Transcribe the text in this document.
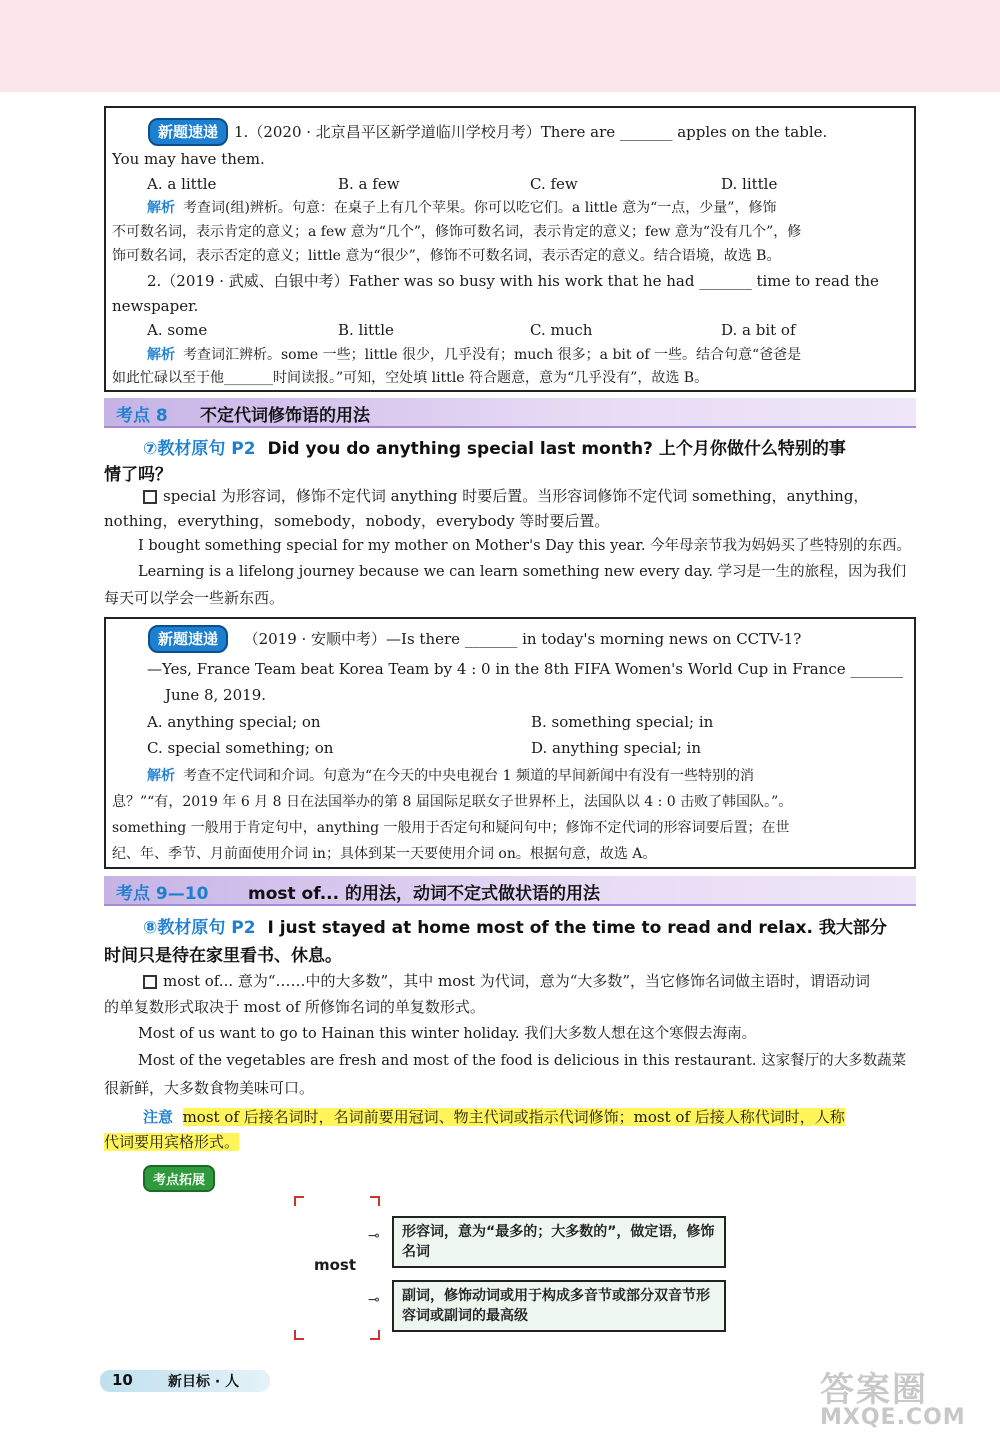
新题速递 1.（2020 · 北京昌平区新学道临川学校月考）There are _______ apples on the table.
You may have them.
A. a little	B. a few	C. few	D. little
解析 考查词(组)辨析。句意：在桌子上有几个苹果。你可以吃它们。a little 意为“一点，少量”，修饰
不可数名词，表示肯定的意义；a few 意为“几个”，修饰可数名词，表示肯定的意义；few 意为“没有几个”，修
饰可数名词，表示否定的意义；little 意为“很少”，修饰不可数名词，表示否定的意义。结合语境，故选 B。
2.（2019 · 武威、白银中考）Father was so busy with his work that he had _______ time to read the
newspaper.
A. some	B. little	C. much	D. a bit of
解析 考查词汇辨析。some 一些；little 很少，几乎没有；much 很多；a bit of 一些。结合句意“爸爸是
如此忙碌以至于他_______时间读报。”可知，空处填 little 符合题意，意为“几乎没有”，故选 B。
考点 8 不定代词修饰语的用法
⑦教材原句 P2 Did you do anything special last month? 上个月你做什么特别的事
情了吗？
special 为形容词，修饰不定代词 anything 时要后置。当形容词修饰不定代词 something，anything，
nothing，everything，somebody，nobody，everybody 等时要后置。
I bought something special for my mother on Mother's Day this year. 今年母亲节我为妈妈买了些特别的东西。
Learning is a lifelong journey because we can learn something new every day. 学习是一生的旅程，因为我们
每天可以学会一些新东西。
新题速递 （2019 · 安顺中考）—Is there _______ in today's morning news on CCTV-1?
—Yes, France Team beat Korea Team by 4 : 0 in the 8th FIFA Women's World Cup in France _______
June 8, 2019.
A. anything special; on	B. something special; in
C. special something; on	D. anything special; in
解析 考查不定代词和介词。句意为“在今天的中央电视台 1 频道的早间新闻中有没有一些特别的消
息？”“有，2019 年 6 月 8 日在法国举办的第 8 届国际足联女子世界杯上，法国队以 4 : 0 击败了韩国队。”。
something 一般用于肯定句中，anything 一般用于否定句和疑问句中；修饰不定代词的形容词要后置；在世
纪、年、季节、月前面使用介词 in；具体到某一天要使用介词 on。根据句意，故选 A。
考点 9—10 most of... 的用法，动词不定式做状语的用法
⑧教材原句 P2 I just stayed at home most of the time to read and relax. 我大部分
时间只是待在家里看书、休息。
most of... 意为“……中的大多数”，其中 most 为代词，意为“大多数”，当它修饰名词做主语时，谓语动词
的单复数形式取决于 most of 所修饰名词的单复数形式。
Most of us want to go to Hainan this winter holiday. 我们大多数人想在这个寒假去海南。
Most of the vegetables are fresh and most of the food is delicious in this restaurant. 这家餐厅的大多数蔬菜
很新鲜，大多数食物美味可口。
注意 most of 后接名词时，名词前要用冠词、物主代词或指示代词修饰；most of 后接人称代词时，人称
代词要用宾格形式。
考点拓展
most
⊸	形容词，意为“最多的；大多数的”，做定语，修饰名词
⊸	副词，修饰动词或用于构成多音节或部分双音节形容词或副词的最高级
10	新目标 · 人	答案圈
MXQE.COM
